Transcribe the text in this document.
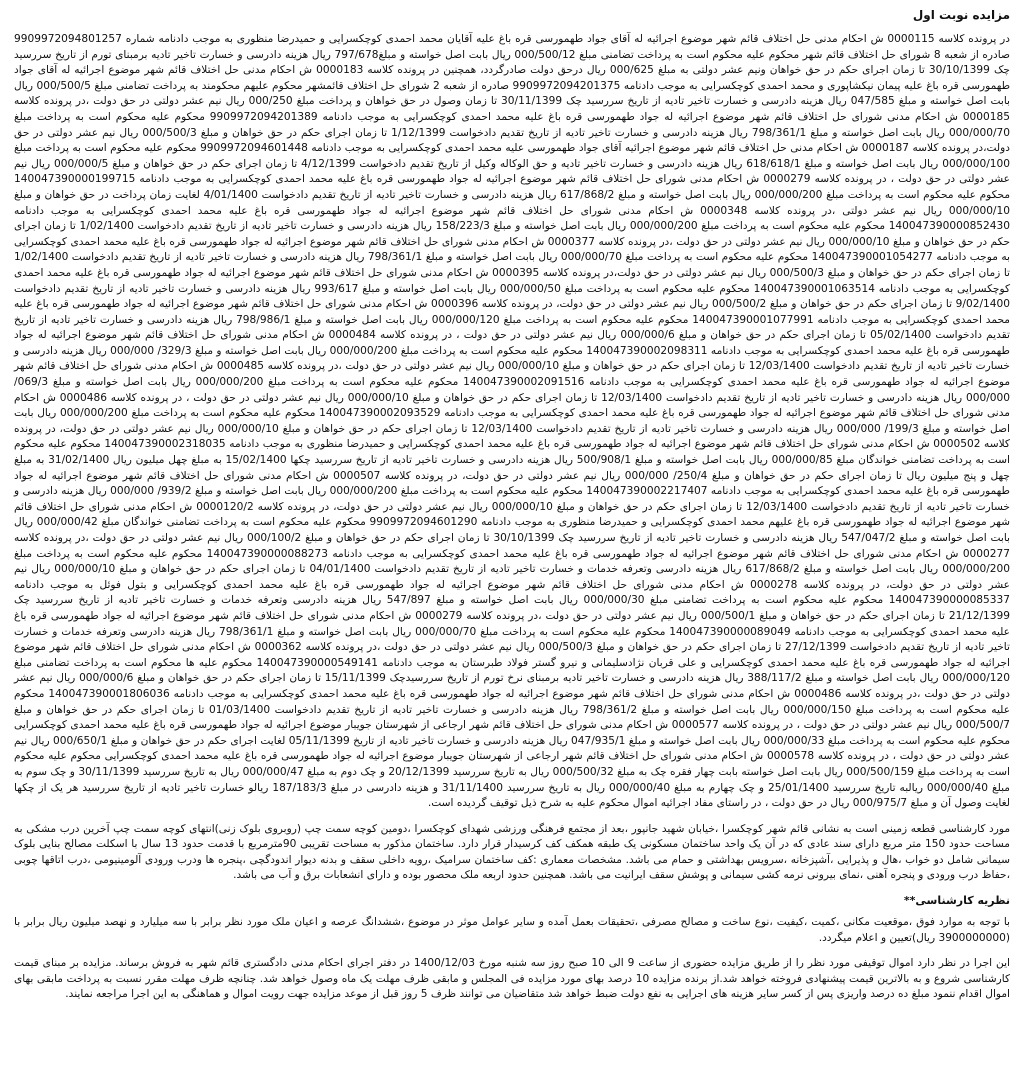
مزایده نوبت اول
در پرونده کلاسه 0000115 ش احکام مدنی حل اختلاف قائم شهر موضوع اجرائیه له آقای جواد طهمورسی قره باغ علیه آقایان محمد احمدی کوچکسرایی و حمیدرضا منظوری به موجب دادنامه شماره 9909972094801257 صادره از شعبه 8 شورای حل اختلاف قائم شهر محکوم علیه محکوم است به پرداخت تضامنی مبلغ 000/500/12 ریال بابت اصل خواسته و مبلغ797/678 ریال هزینه دادرسی و خسارت تاخیر تادیه برمبنای تورم از تاریخ سررسید چک 30/10/1399 تا زمان اجرای حکم در حق خواهان ونیم عشر دولتی به مبلغ 000/625 ریال درحق دولت صادرگردد، همچنین در پرونده کلاسه 0000183 ش احکام مدنی حل اختلاف قائم شهر موضوع اجرائیه له آقای جواد طهمورسی قره باغ علیه پیمان نیکشاپوری و محمد احمدی کوچکسرایی به موجب دادنامه 9909972094201375 صادره از شعبه 2 شورای حل اختلاف قائمشهر محکوم علیهم محکومند به پرداخت تضامنی مبلغ 000/500/5 ریال بابت اصل خواسته و مبلغ 047/585 ریال هزینه دادرسی و خسارت تاخیر تادیه از تاریخ سررسید چک 30/11/1399 تا زمان وصول در حق خواهان و پرداخت مبلغ 000/250 ریال نیم عشر دولتی در حق دولت ،در پرونده کلاسه 0000185 ش احکام مدنی شورای حل اختلاف قائم شهر موضوع اجرائیه له جواد طهمورسی قره باغ علیه محمد احمدی کوچکسرایی به موجب دادنامه 9909972094201389 محکوم علیه محکوم است به پرداخت مبلغ 000/000/70 ریال بابت اصل خواسته و مبلغ 798/361/1 ریال هزینه دادرسی و خسارت تاخیر تادیه از تاریخ تقدیم دادخواست 1/12/1399 تا زمان اجرای حکم در حق خواهان و مبلغ 000/500/3 ریال نیم عشر دولتی در حق دولت،در پرونده کلاسه 0000187 ش احکام مدنی حل اختلاف قائم شهر موضوع اجرائیه آقای جواد طهمورسی علیه محمد احمدی کوچکسرایی به موجب دادنامه 9909972094601448 محکوم علیه محکوم است به پرداخت مبلغ 000/000/100 ریال بابت اصل خواسته و مبلغ 618/618/1 ریال هزینه دادرسی و خسارت تاخیر تادیه و حق الوکاله وکیل از تاریخ تقدیم دادخواست 4/12/1399 تا زمان اجرای حکم در حق خواهان و مبلغ 000/000/5 ریال نیم عشر دولتی در حق دولت ، در پرونده کلاسه 0000279 ش احکام مدنی شورای حل اختلاف قائم شهر موضوع اجرائیه له جواد طهمورسی قره باغ علیه محمد احمدی کوچکسرایی به موجب دادنامه 140047390000199715 محکوم علیه محکوم است به پرداخت مبلغ 000/000/200 ریال بابت اصل خواسته و مبلغ 617/868/2 ریال هزینه دادرسی و خسارت تاخیر تادیه از تاریخ تقدیم دادخواست 4/01/1400 لغایت زمان پرداخت در حق خواهان و مبلغ 000/000/10 ریال نیم عشر دولتی ،در پرونده کلاسه 0000348 ش احکام مدنی شورای حل اختلاف قائم شهر موضوع اجرائیه له جواد طهمورسی قره باغ علیه محمد احمدی کوچکسرایی به موجب دادنامه 140047390000852430 محکوم علیه محکوم است به پرداخت مبلغ 000/000/200 ریال بابت اصل خواسته و مبلغ 158/223/3 ریال هزینه دادرسی و خسارت تاخیر تادیه از تاریخ تقدیم دادخواست 1/02/1400 تا زمان اجرای حکم در حق خواهان و مبلغ 000/000/10 ریال نیم عشر دولتی در حق دولت ،در پرونده کلاسه 0000377 ش احکام مدنی شورای حل اختلاف قائم شهر موضوع اجرائیه له جواد طهمورسی قره باغ علیه محمد احمدی کوچکسرایی به موجب دادنامه 140047390001054277 محکوم علیه محکوم است به پرداخت مبلغ 000/000/70 ریال بابت اصل خواسته و مبلغ 798/361/1 ریال هزینه دادرسی و خسارت تاخیر تادیه از تاریخ تقدیم دادخواست 1/02/1400 تا زمان اجرای حکم در حق خواهان و مبلغ 000/500/3 ریال نیم عشر دولتی در حق دولت،در پرونده کلاسه 0000395 ش احکام مدنی شورای حل اختلاف قائم شهر موضوع اجرائیه له جواد طهمورسی قره باغ علیه محمد احمدی کوچکسرایی به موجب دادنامه 140047390001063514 محکوم علیه محکوم است به پرداخت مبلغ 000/000/50 ریال بابت اصل خواسته و مبلغ 993/617 ریال هزینه دادرسی و خسارت تاخیر تادیه از تاریخ تقدیم دادخواست 9/02/1400 تا زمان اجرای حکم در حق خواهان و مبلغ 000/500/2 ریال نیم عشر دولتی در حق دولت، در پرونده کلاسه 0000396 ش احکام مدنی شورای حل اختلاف قائم شهر موضوع اجرائیه له جواد طهمورسی قره باغ علیه محمد احمدی کوچکسرایی به موجب دادنامه 140047390001077991 محکوم علیه محکوم است به پرداخت مبلغ 000/000/120 ریال بابت اصل خواسته و مبلغ 798/986/1 ریال هزینه دادرسی و خسارت تاخیر تادیه از تاریخ تقدیم دادخواست 05/02/1400 تا زمان اجرای حکم در حق خواهان و مبلغ 000/000/6 ریال نیم عشر دولتی در حق دولت ، در پرونده کلاسه 0000484 ش احکام مدنی شورای حل اختلاف قائم شهر موضوع اجرائیه له جواد طهمورسی قره باغ علیه محمد احمدی کوچکسرایی به موجب دادنامه 140047390002098311 محکوم علیه محکوم است به پرداخت مبلغ 000/000/200 ریال بابت اصل خواسته و مبلغ 329/3/ 000/000 ریال هزینه دادرسی و خسارت تاخیر تادیه از تاریخ تقدیم دادخواست 12/03/1400 تا زمان اجرای حکم در حق خواهان و مبلغ 000/000/10 ریال نیم عشر دولتی در حق دولت ،در پرونده کلاسه 0000485 ش احکام مدنی شورای حل اختلاف قائم شهر موضوع اجرائیه له جواد طهمورسی قره باغ علیه محمد احمدی کوچکسرایی به موجب دادنامه 140047390002091516 محکوم علیه محکوم است به پرداخت مبلغ 000/000/200 ریال بابت اصل خواسته و مبلغ 069/3/ 000/000 ریال هزینه دادرسی و خسارت تاخیر تادیه از تاریخ تقدیم دادخواست 12/03/1400 تا زمان اجرای حکم در حق خواهان و مبلغ 000/000/10 ریال نیم عشر دولتی در حق دولت ، در پرونده کلاسه 0000486 ش احکام مدنی شورای حل اختلاف قائم شهر موضوع اجرائیه له جواد طهمورسی قره باغ علیه محمد احمدی کوچکسرایی به موجب دادنامه 140047390002093529 محکوم علیه محکوم است به پرداخت مبلغ 000/000/200 ریال بابت اصل خواسته و مبلغ 199/3/ 000/000 ریال هزینه دادرسی و خسارت تاخیر تادیه از تاریخ تقدیم دادخواست 12/03/1400 تا زمان اجرای حکم در حق خواهان و مبلغ 000/000/10 ریال نیم عشر دولتی در حق دولت، در پرونده کلاسه 0000502 ش احکام مدنی شورای حل اختلاف قائم شهر موضوع اجرائیه له جواد طهمورسی قره باغ علیه محمد احمدی کوچکسرایی و حمیدرضا منظوری به موجب دادنامه 140047390002318035 محکوم علیه محکوم است به پرداخت تضامنی خواندگان مبلغ 000/000/85 ریال بابت اصل خواسته و مبلغ 500/908/1 ریال هزینه دادرسی و خسارت تاخیر تادیه از تاریخ سررسید چکها 15/02/1400 به مبلغ چهل میلیون ریال 31/02/1400 به مبلغ چهل و پنج میلیون ریال تا زمان اجرای حکم در حق خواهان و مبلغ 250/4/ 000/000 ریال نیم عشر دولتی در حق دولت، در پرونده کلاسه 0000507 ش احکام مدنی شورای حل اختلاف قائم شهر موضوع اجرائیه له جواد طهمورسی قره باغ علیه محمد احمدی کوچکسرایی به موجب دادنامه 140047390002217407 محکوم علیه محکوم است به پرداخت مبلغ 000/000/200 ریال بابت اصل خواسته و مبلغ 939/2/ 000/000 ریال هزینه دادرسی و خسارت تاخیر تادیه از تاریخ تقدیم دادخواست 12/03/1400 تا زمان اجرای حکم در حق خواهان و مبلغ 000/000/10 ریال نیم عشر دولتی در حق دولت، در پرونده کلاسه 0000120/2 ش احکام مدنی شورای حل اختلاف قائم شهر موضوع اجرائیه له جواد طهمورسی قره باغ علیهم محمد احمدی کوچکسرایی و حمیدرضا منظوری به موجب دادنامه 9909972094601290 محکوم علیه محکوم است به پرداخت تضامنی خواندگان مبلغ 000/000/42 ریال بابت اصل خواسته و مبلغ 547/047/2 ریال هزینه دادرسی و خسارت تاخیر تادیه از تاریخ سررسید چک 30/10/1399 تا زمان اجرای حکم در حق خواهان و مبلغ 000/100/2 ریال نیم عشر دولتی در حق دولت ،در پرونده کلاسه 0000277 ش احکام مدنی شورای حل اختلاف قائم شهر موضوع اجرائیه له جواد طهمورسی قره باغ علیه محمد احمدی کوچکسرایی به موجب دادنامه 140047390000088273 محکوم علیه محکوم است به پرداخت مبلغ 000/000/200 ریال بابت اصل خواسته و مبلغ 617/868/2 ریال هزینه دادرسی وتعرفه خدمات و خسارت تاخیر تادیه از تاریخ تقدیم دادخواست 04/01/1400 تا زمان اجرای حکم در حق خواهان و مبلغ 000/000/10 ریال نیم عشر دولتی در حق دولت، در پرونده کلاسه 0000278 ش احکام مدنی شورای حل اختلاف قائم شهر موضوع اجرائیه له جواد طهمورسی قره باغ علیه محمد احمدی کوچکسرایی و بتول فوئل به موجب دادنامه 140047390000085337 محکوم علیه محکوم است به پرداخت تضامنی مبلغ 000/000/30 ریال بابت اصل خواسته و مبلغ 547/897 ریال هزینه دادرسی وتعرفه خدمات و خسارت تاخیر تادیه از تاریخ سررسید چک 21/12/1399 تا زمان اجرای حکم در حق خواهان و مبلغ 000/500/1 ریال نیم عشر دولتی در حق دولت ،در پرونده کلاسه 0000279 ش احکام مدنی شورای حل اختلاف قائم شهر موضوع اجرائیه له جواد طهمورسی قره باغ علیه محمد احمدی کوچکسرایی به موجب دادنامه 140047390000089049 محکوم علیه محکوم است به پرداخت مبلغ 000/000/70 ریال بابت اصل خواسته و مبلغ 798/361/1 ریال هزینه دادرسی وتعرفه خدمات و خسارت تاخیر تادیه از تاریخ تقدیم دادخواست 27/12/1399 تا زمان اجرای حکم در حق خواهان و مبلغ 000/500/3 ریال نیم عشر دولتی در حق دولت ،در پرونده کلاسه 0000362 ش احکام مدنی شورای حل اختلاف قائم شهر موضوع اجرائیه له جواد طهمورسی قره باغ علیه محمد احمدی کوچکسرایی و علی قربان نژادسلیمانی و نیرو گستر فولاد طبرستان به موجب دادنامه 140047390000549141 محکوم علیه ها محکوم است به پرداخت تضامنی مبلغ 000/000/120 ریال بابت اصل خواسته و مبلغ 388/117/2 ریال هزینه دادرسی و خسارت تاخیر تادیه برمبنای نرخ تورم از تاریخ سررسیدچک 15/11/1399 تا زمان اجرای حکم در حق خواهان و مبلغ 000/000/6 ریال نیم عشر دولتی در حق دولت ،در پرونده کلاسه 0000486 ش احکام مدنی شورای حل اختلاف قائم شهر موضوع اجرائیه له جواد طهمورسی قره باغ علیه محمد احمدی کوچکسرایی به موجب دادنامه 140047390001806036 محکوم علیه محکوم است به پرداخت مبلغ 000/000/150 ریال بابت اصل خواسته و مبلغ 798/361/2 ریال هزینه دادرسی و خسارت تاخیر تادیه از تاریخ تقدیم دادخواست 01/03/1400 تا زمان اجرای حکم در حق خواهان و مبلغ 000/500/7 ریال نیم عشر دولتی در حق دولت ، در پرونده کلاسه 0000577 ش احکام مدنی شورای حل اختلاف قائم شهر ارجاعی از شهرستان جویبار موضوع اجرائیه له جواد طهمورسی قره باغ علیه محمد احمدی کوچکسرایی محکوم علیه محکوم است به پرداخت مبلغ 000/000/33 ریال بابت اصل خواسته و مبلغ 047/935/1 ریال هزینه دادرسی و خسارت تاخیر تادیه از تاریخ 05/11/1399 لغایت اجرای حکم در حق خواهان و مبلغ 000/650/1 ریال نیم عشر دولتی در حق دولت ، در پرونده کلاسه 0000578 ش احکام مدنی شورای حل اختلاف قائم شهر ارجاعی از شهرستان جویبار موضوع اجرائیه له جواد طهمورسی قره باغ علیه محمد احمدی کوچکسرایی محکوم علیه محکوم است به پرداخت مبلغ 000/500/159 ریال بابت اصل خواسته بابت چهار فقره چک به مبلغ 000/500/32 ریال به تاریخ سررسید 20/12/1399 و چک دوم به مبلغ 000/000/47 ریال به تاریخ سررسید 30/11/1399 و چک سوم به مبلغ 000/000/40 ریالبه تاریخ سررسید 25/01/1400 و چک چهارم به مبلغ 000/000/40 ریال به تاریخ سررسید 31/11/1400 و هزینه دادرسی در مبلغ 187/183/3 ریالو خسارت تاخیر تادیه از تاریخ سررسید هر یک از چکها لغایت وصول آن و مبلغ 000/975/7 ریال در حق دولت ، در راستای مفاد اجرائیه اموال محکوم علیه به شرح ذیل توقیف گردیده است.
مورد کارشناسی قطعه زمینی است به نشانی قائم شهر کوچکسرا ،خیابان شهید جانپور ،بعد از مجتمع فرهنگی ورزشی شهدای کوچکسرا ،دومین کوچه سمت چپ (روبروی بلوک زنی)انتهای کوچه سمت چپ آخرین درب مشکی به مساحت حدود 150 متر مربع دارای سند عادی که در آن یک واحد ساختمان مسکونی یک طبقه همکف کف کرسیدار قرار دارد. ساختمان مذکور به مساحت تقریبی 90مترمربع با قدمت حدود 13 سال با اسکلت مصالح بنایی بلوک سیمانی شامل دو خواب ،هال و پذیرایی ،آشپزخانه ،سرویس بهداشتی و حمام می باشد. مشخصات معماری :کف ساختمان سرامیک ،رویه داخلی سقف و بدنه دیوار اندودگچی ،پنجره ها ودرب ورودی آلومینیومی ،درب اتاقها چوبی ،حفاظ درب ورودی و پنجره آهنی ،نمای بیرونی نرمه کشی سیمانی و پوشش سقف ایرانیت می باشد. همچنین حدود اربعه ملک محصور بوده و دارای انشعابات برق و آب می باشد.
نظریه کارشناسی**
با توجه به موارد فوق ،موقعیت مکانی ،کمیت ،کیفیت ،نوع ساخت و مصالح مصرفی ،تحقیقات بعمل آمده و سایر عوامل موثر در موضوع ،ششدانگ عرصه و اعیان ملک مورد نظر برابر با سه میلیارد و نهصد میلیون ریال برابر با (3900000000 ریال)تعیین و اعلام میگردد.
این اجرا در نظر دارد اموال توقیفی مورد نظر را از طریق مزایده حضوری از ساعت 9 الی 10 صبح روز سه شنبه مورخ 1400/12/03 در دفتر اجرای احکام مدنی دادگستری قائم شهر به فروش برساند. مزایده بر مبنای قیمت کارشناسی شروع و به بالاترین قیمت پیشنهادی فروخته خواهد شد.از برنده مزایده 10 درصد بهای مورد مزایده فی المجلس و مابقی ظرف مهلت یک ماه وصول خواهد شد. چنانچه ظرف مهلت مقرر نسبت به پرداخت مابقی بهای اموال اقدام ننمود مبلغ ده درصد واریزی پس از کسر سایر هزینه های اجرایی به نفع دولت ضبط خواهد شد متقاضیان می توانند ظرف 5 روز قبل از موعد مزایده جهت رویت اموال و هماهنگی به این اجرا مراجعه نمایند.
